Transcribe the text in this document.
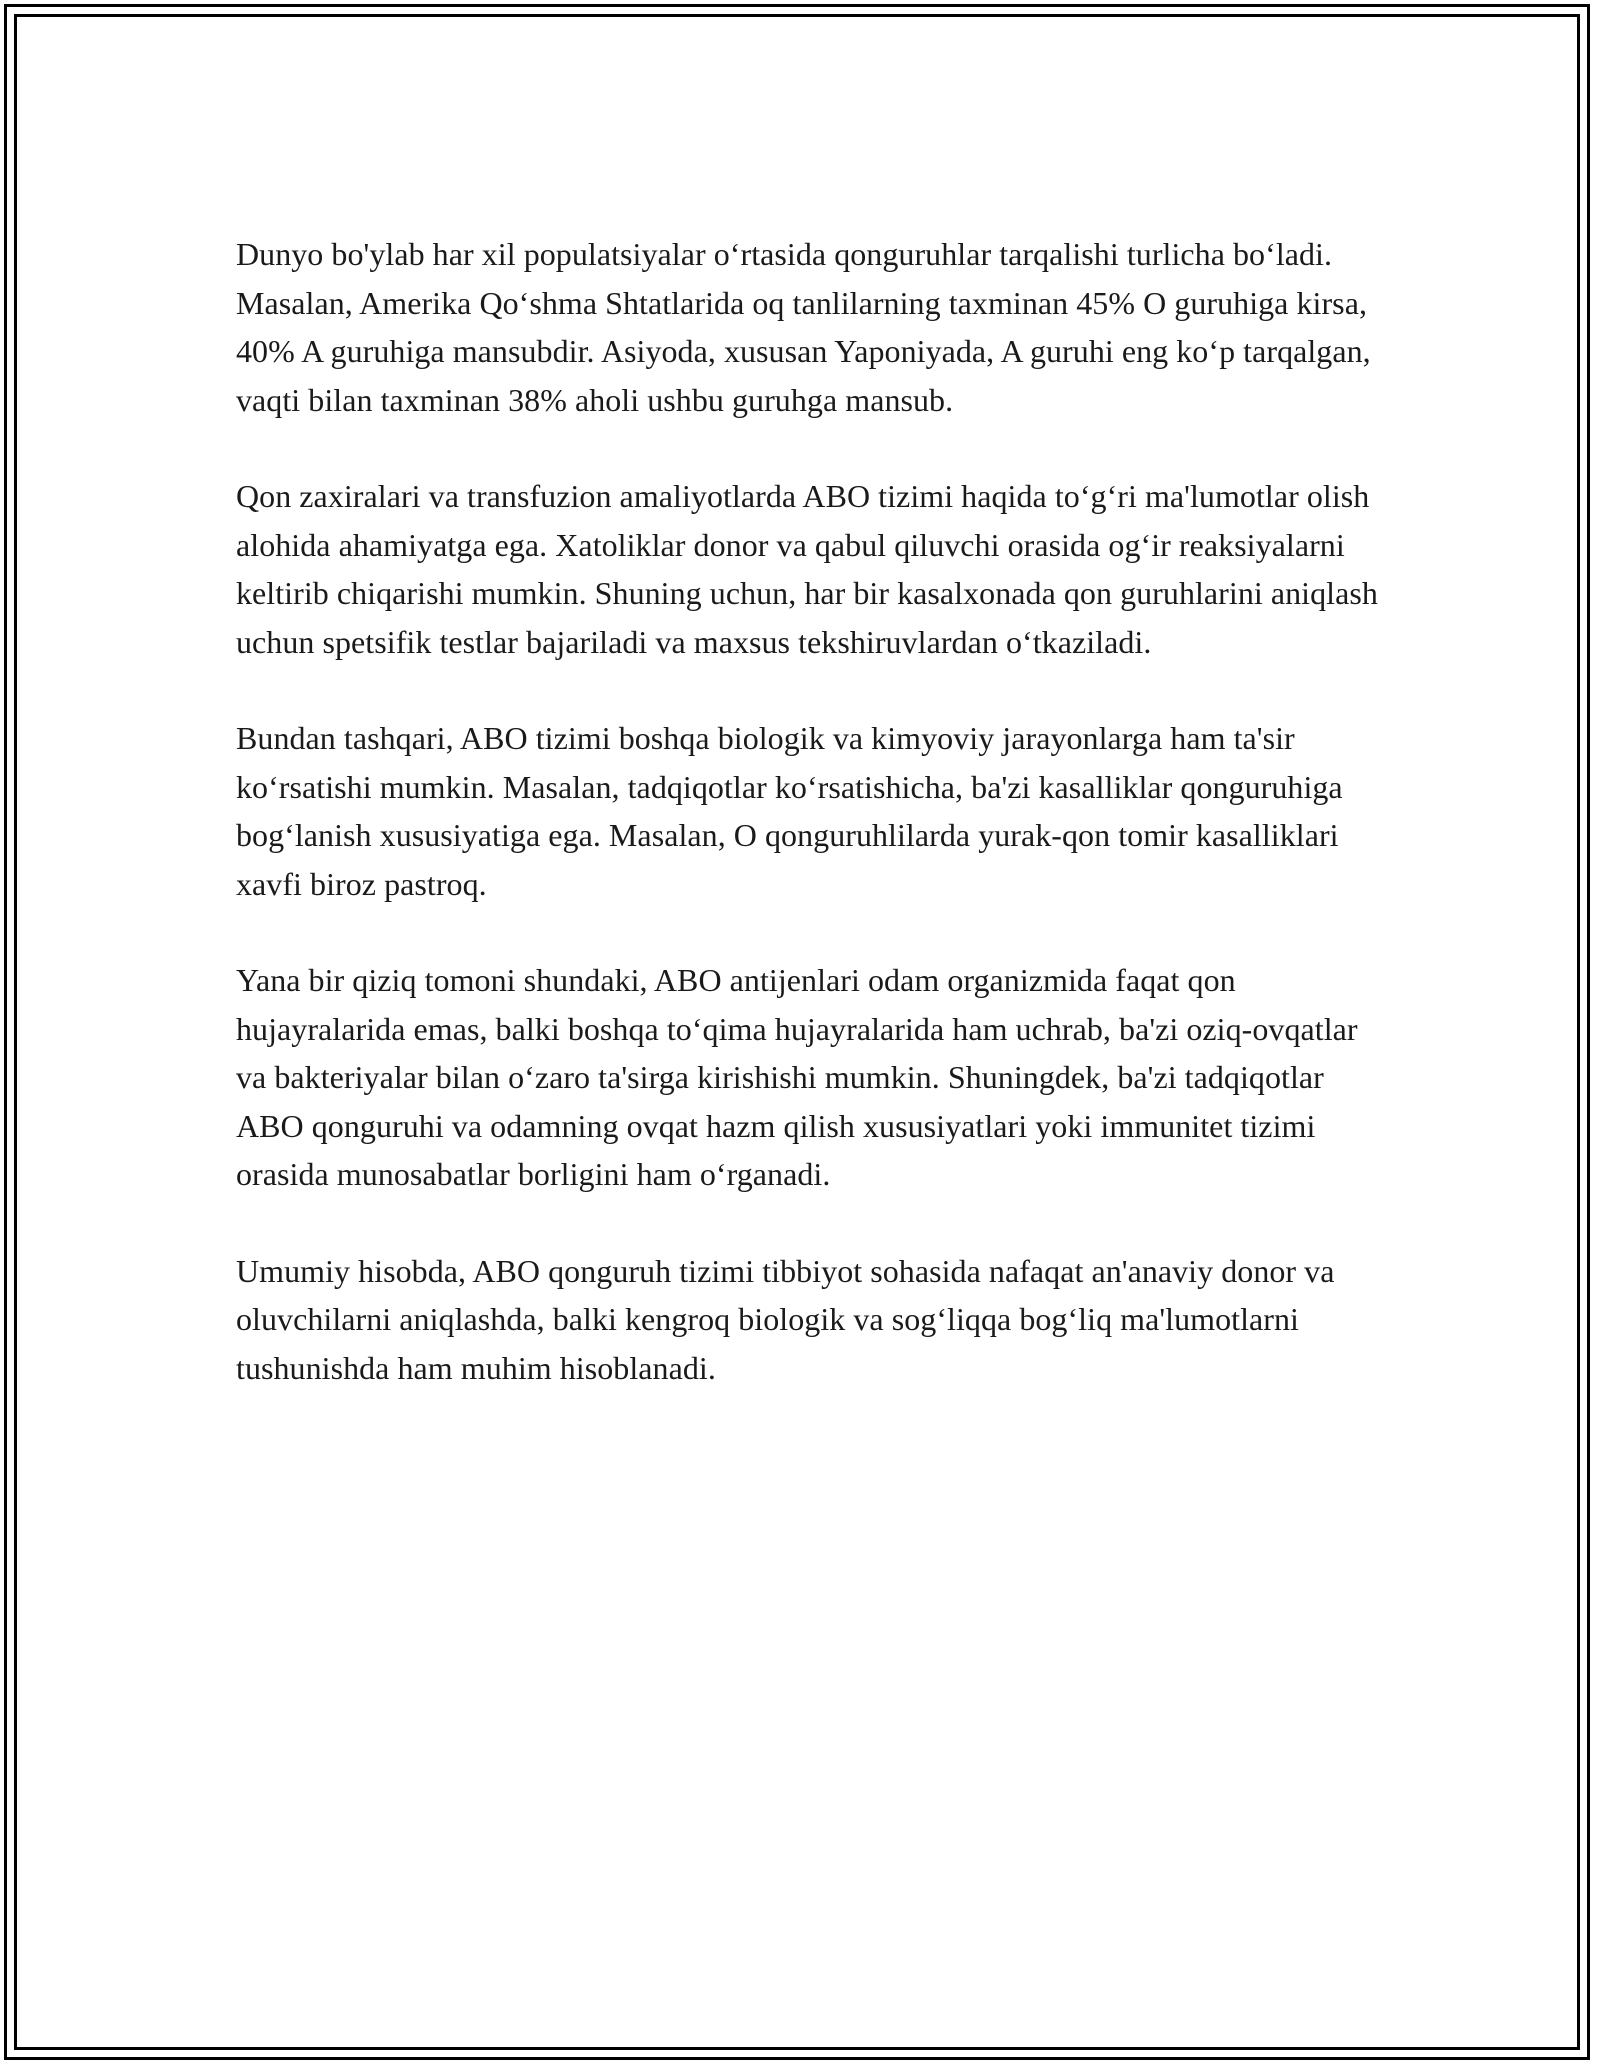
Dunyo bo'ylab har xil populatsiyalar o‘rtasida qonguruhlar tarqalishi turlicha bo‘ladi. Masalan, Amerika Qo‘shma Shtatlarida oq tanlilarning taxminan 45% O guruhiga kirsa, 40% A guruhiga mansubdir. Asiyoda, xususan Yaponiyada, A guruhi eng ko‘p tarqalgan, vaqti bilan taxminan 38% aholi ushbu guruhga mansub.

Qon zaxiralari va transfuzion amaliyotlarda ABO tizimi haqida to‘g‘ri ma'lumotlar olish alohida ahamiyatga ega. Xatoliklar donor va qabul qiluvchi orasida og‘ir reaksiyalarni keltirib chiqarishi mumkin. Shuning uchun, har bir kasalxonada qon guruhlarini aniqlash uchun spetsifik testlar bajariladi va maxsus tekshiruvlardan o‘tkaziladi.

Bundan tashqari, ABO tizimi boshqa biologik va kimyoviy jarayonlarga ham ta'sir ko‘rsatishi mumkin. Masalan, tadqiqotlar ko‘rsatishicha, ba'zi kasalliklar qonguruhiga bog‘lanish xususiyatiga ega. Masalan, O qonguruhlilarda yurak-qon tomir kasalliklari xavfi biroz pastroq.

Yana bir qiziq tomoni shundaki, ABO antijenlari odam organizmida faqat qon hujayralarida emas, balki boshqa to‘qima hujayralarida ham uchrab, ba'zi oziq-ovqatlar va bakteriyalar bilan o‘zaro ta'sirga kirishishi mumkin. Shuningdek, ba'zi tadqiqotlar ABO qonguruhi va odamning ovqat hazm qilish xususiyatlari yoki immunitet tizimi orasida munosabatlar borligini ham o‘rganadi.

Umumiy hisobda, ABO qonguruh tizimi tibbiyot sohasida nafaqat an'anaviy donor va oluvchilarni aniqlashda, balki kengroq biologik va sog‘liqqa bog‘liq ma'lumotlarni tushunishda ham muhim hisoblanadi.
